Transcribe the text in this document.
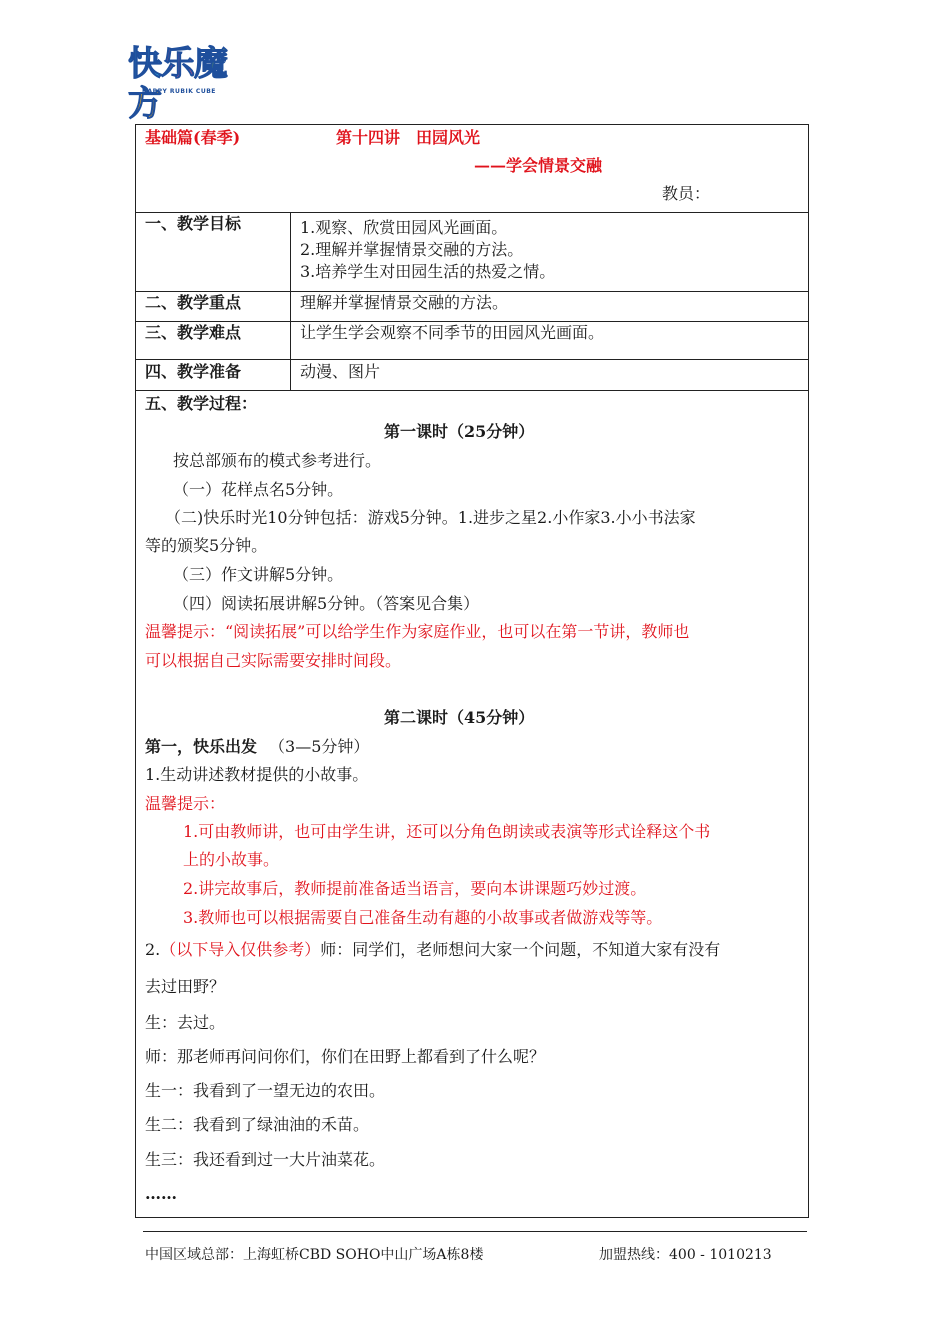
快乐魔方
HAPPY RUBIK CUBE
基础篇(春季)	第十四讲　田园风光
——学会情景交融
教员：
一、教学目标	1.观察、欣赏田园风光画面。
2.理解并掌握情景交融的方法。
3.培养学生对田园生活的热爱之情。
二、教学重点	理解并掌握情景交融的方法。
三、教学难点	让学生学会观察不同季节的田园风光画面。
四、教学准备	动漫、图片
五、教学过程：
第一课时（25分钟）
按总部颁布的模式参考进行。
（一）花样点名5分钟。
（二)快乐时光10分钟包括：游戏5分钟。1.进步之星2.小作家3.小小书法家
等的颁奖5分钟。
（三）作文讲解5分钟。
（四）阅读拓展讲解5分钟。（答案见合集）
温馨提示：“阅读拓展”可以给学生作为家庭作业，也可以在第一节讲，教师也
可以根据自己实际需要安排时间段。
第二课时（45分钟）
第一，快乐出发 （3—5分钟）
1.生动讲述教材提供的小故事。
温馨提示：
1.可由教师讲，也可由学生讲，还可以分角色朗读或表演等形式诠释这个书
上的小故事。
2.讲完故事后，教师提前准备适当语言，要向本讲课题巧妙过渡。
3.教师也可以根据需要自己准备生动有趣的小故事或者做游戏等等。
2.（以下导入仅供参考）师：同学们，老师想问大家一个问题，不知道大家有没有
去过田野？
生：去过。
师：那老师再问问你们，你们在田野上都看到了什么呢？
生一：我看到了一望无边的农田。
生二：我看到了绿油油的禾苗。
生三：我还看到过一大片油菜花。
……
中国区域总部：上海虹桥CBD SOHO中山广场A栋8楼	加盟热线：400 - 1010213
